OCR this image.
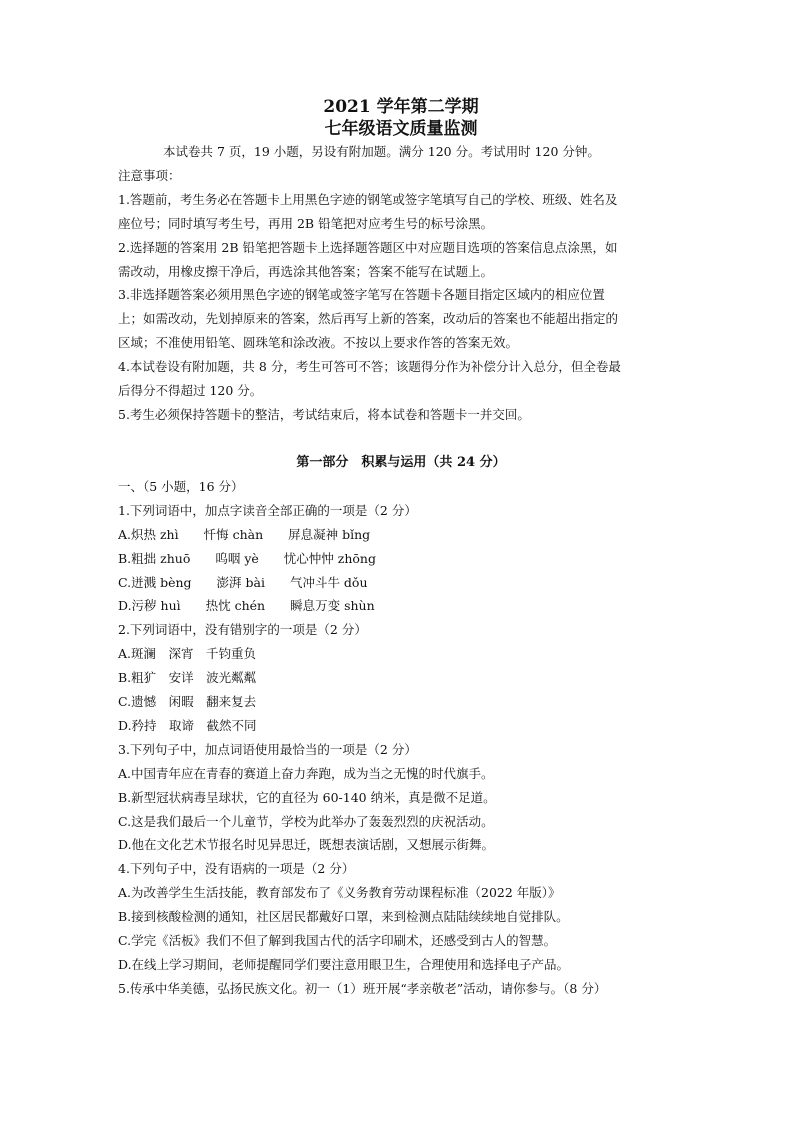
2021 学年第二学期
七年级语文质量监测
本试卷共 7 页，19 小题，另设有附加题。满分 120 分。考试用时 120 分钟。
注意事项：
1.答题前，考生务必在答题卡上用黑色字迹的钢笔或签字笔填写自己的学校、班级、姓名及
座位号；同时填写考生号，再用 2B 铅笔把对应考生号的标号涂黑。
2.选择题的答案用 2B 铅笔把答题卡上选择题答题区中对应题目选项的答案信息点涂黑，如
需改动，用橡皮擦干净后，再选涂其他答案；答案不能写在试题上。
3.非选择题答案必须用黑色字迹的钢笔或签字笔写在答题卡各题目指定区域内的相应位置
上；如需改动，先划掉原来的答案，然后再写上新的答案，改动后的答案也不能超出指定的
区域；不准使用铅笔、圆珠笔和涂改液。不按以上要求作答的答案无效。
4.本试卷设有附加题，共 8 分，考生可答可不答；该题得分作为补偿分计入总分，但全卷最
后得分不得超过 120 分。
5.考生必须保持答题卡的整洁，考试结束后，将本试卷和答题卡一并交回。
第一部分　积累与运用（共 24 分）
一、（5 小题，16 分）
1.下列词语中，加点字读音全部正确的一项是（2 分）
A.炽热 zhì　　忏悔 chàn　　屏息凝神 bǐng
B.粗拙 zhuō　　呜咽 yè　　忧心忡忡 zhōng
C.迸溅 bèng　　澎湃 bài　　气冲斗牛 dǒu
D.污秽 huì　　热忱 chén　　瞬息万变 shùn
2.下列词语中，没有错别字的一项是（2 分）
A.斑澜　深宵　千钧重负
B.粗犷　安详　波光粼粼
C.遗憾　闲暇　翻来复去
D.矜持　取谛　截然不同
3.下列句子中，加点词语使用最恰当的一项是（2 分）
A.中国青年应在青春的赛道上奋力奔跑，成为当之无愧的时代旗手。
B.新型冠状病毒呈球状，它的直径为 60-140 纳米，真是微不足道。
C.这是我们最后一个儿童节，学校为此举办了轰轰烈烈的庆祝活动。
D.他在文化艺术节报名时见异思迁，既想表演话剧，又想展示街舞。
4.下列句子中，没有语病的一项是（2 分）
A.为改善学生生活技能，教育部发布了《义务教育劳动课程标准（2022 年版）》
B.接到核酸检测的通知，社区居民都戴好口罩，来到检测点陆陆续续地自觉排队。
C.学完《活板》我们不但了解到我国古代的活字印刷术，还感受到古人的智慧。
D.在线上学习期间，老师提醒同学们要注意用眼卫生，合理使用和选择电子产品。
5.传承中华美德，弘扬民族文化。初一（1）班开展“孝亲敬老”活动，请你参与。（8 分）
